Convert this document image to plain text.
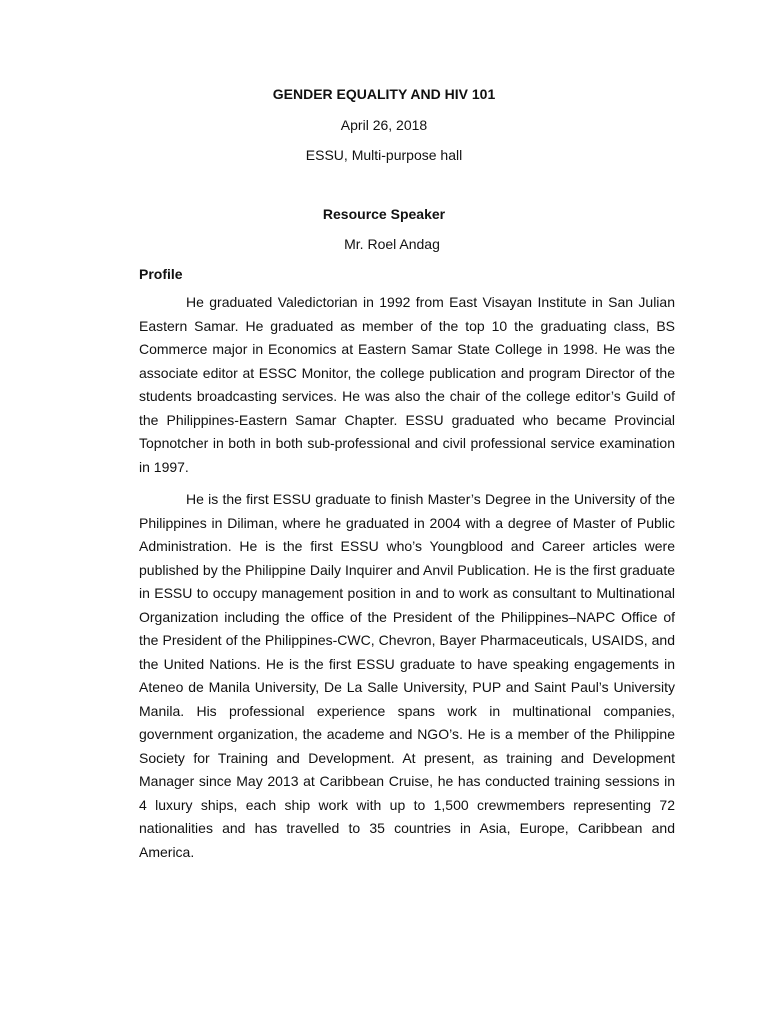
GENDER EQUALITY AND HIV 101
April 26, 2018
ESSU, Multi-purpose hall
Resource Speaker
Mr. Roel Andag
Profile

He graduated Valedictorian in 1992 from East Visayan Institute in San Julian Eastern Samar. He graduated as member of the top 10 the graduating class, BS Commerce major in Economics at Eastern Samar State College in 1998. He was the associate editor at ESSC Monitor, the college publication and program Director of the students broadcasting services. He was also the chair of the college editor’s Guild of the Philippines-Eastern Samar Chapter. ESSU graduated who became Provincial Topnotcher in both in both sub-professional and civil professional service examination in 1997.

He is the first ESSU graduate to finish Master’s Degree in the University of the Philippines in Diliman, where he graduated in 2004 with a degree of Master of Public Administration. He is the first ESSU who’s Youngblood and Career articles were published by the Philippine Daily Inquirer and Anvil Publication. He is the first graduate in ESSU to occupy management position in and to work as consultant to Multinational Organization including the office of the President of the Philippines–NAPC Office of the President of the Philippines-CWC, Chevron, Bayer Pharmaceuticals, USAIDS, and the United Nations. He is the first ESSU graduate to have speaking engagements in Ateneo de Manila University, De La Salle University, PUP and Saint Paul’s University Manila. His professional experience spans work in multinational companies, government organization, the academe and NGO’s. He is a member of the Philippine Society for Training and Development. At present, as training and Development Manager since May 2013 at Caribbean Cruise, he has conducted training sessions in 4 luxury ships, each ship work with up to 1,500 crewmembers representing 72 nationalities and has travelled to 35 countries in Asia, Europe, Caribbean and America.
